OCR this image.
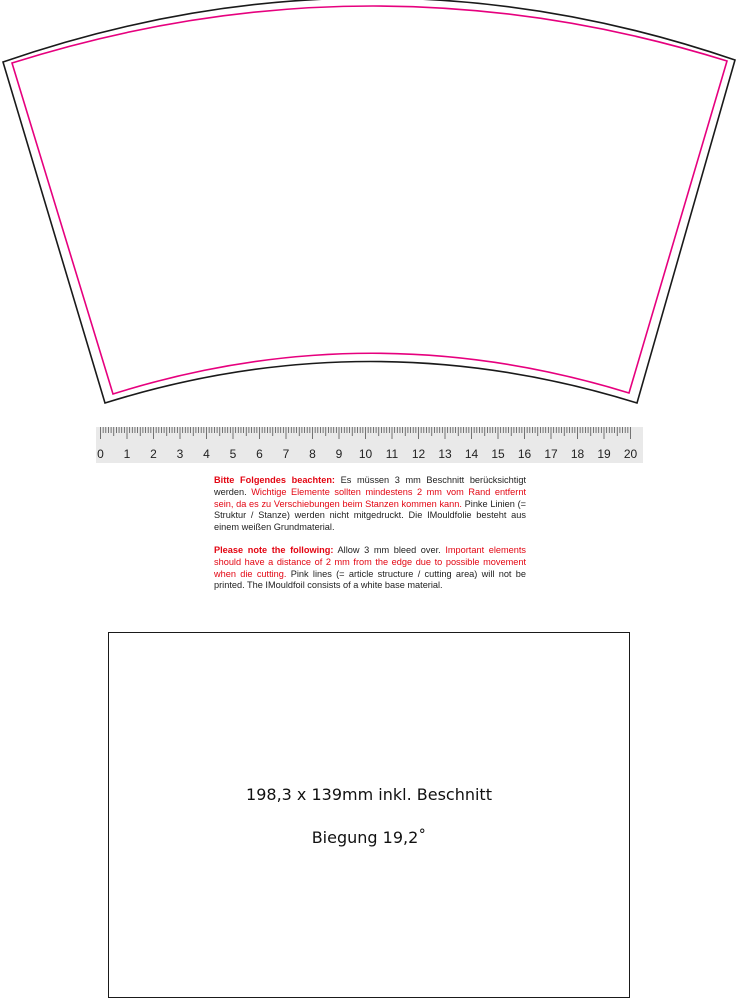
0 1 2 3 4 5 6 7 8 9 10 11 12 13 14 15 16 17 18 19 20

Bitte Folgendes beachten: Es müssen 3 mm Beschnitt berücksichtigt werden. Wichtige Elemente sollten mindestens 2 mm vom Rand entfernt sein, da es zu Verschiebungen beim Stanzen kommen kann. Pinke Linien (= Struktur / Stanze) werden nicht mitgedruckt. Die IMouldfolie besteht aus einem weißen Grundmaterial.

Please note the following: Allow 3 mm bleed over. Important elements should have a distance of 2 mm from the edge due to possible movement when die cutting. Pink lines (= article structure / cutting area) will not be printed. The IMouldfoil consists of a white base material.

198,3 x 139mm inkl. Beschnitt
Biegung 19,2˚
